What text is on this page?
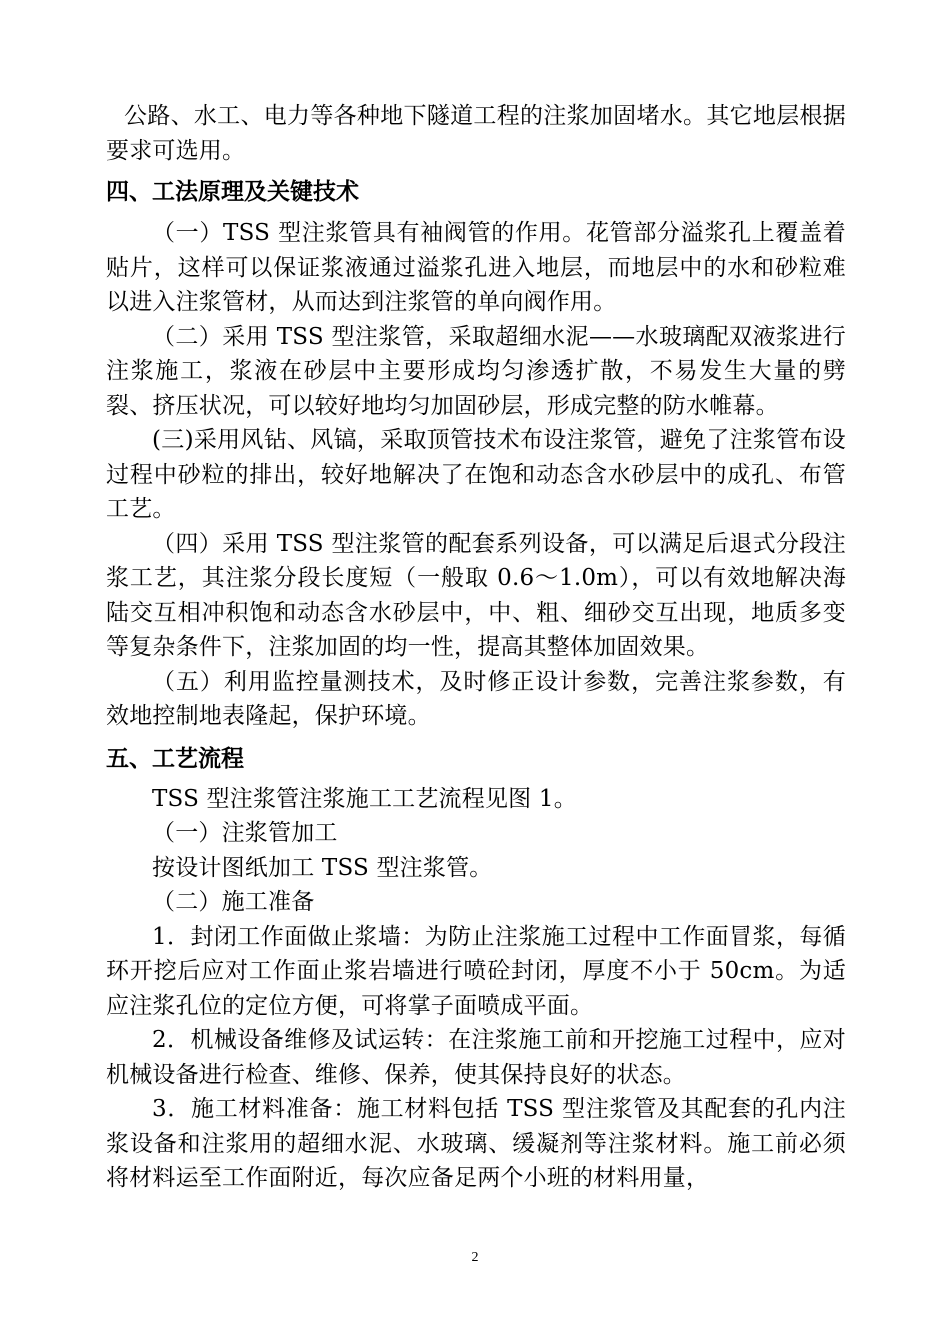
公路、水工、电力等各种地下隧道工程的注浆加固堵水。其它地层根据要求可选用。

四、工法原理及关键技术

（一）TSS 型注浆管具有袖阀管的作用。花管部分溢浆孔上覆盖着贴片，这样可以保证浆液通过溢浆孔进入地层，而地层中的水和砂粒难以进入注浆管材，从而达到注浆管的单向阀作用。

（二）采用 TSS 型注浆管，采取超细水泥——水玻璃配双液浆进行注浆施工，浆液在砂层中主要形成均匀渗透扩散，不易发生大量的劈裂、挤压状况，可以较好地均匀加固砂层，形成完整的防水帷幕。

(三)采用风钻、风镐，采取顶管技术布设注浆管，避免了注浆管布设过程中砂粒的排出，较好地解决了在饱和动态含水砂层中的成孔、布管工艺。

（四）采用 TSS 型注浆管的配套系列设备，可以满足后退式分段注浆工艺，其注浆分段长度短（一般取 0.6～1.0m），可以有效地解决海陆交互相冲积饱和动态含水砂层中，中、粗、细砂交互出现，地质多变等复杂条件下，注浆加固的均一性，提高其整体加固效果。

（五）利用监控量测技术，及时修正设计参数，完善注浆参数，有效地控制地表隆起，保护环境。

五、工艺流程

TSS 型注浆管注浆施工工艺流程见图 1。

（一）注浆管加工

按设计图纸加工 TSS 型注浆管。

（二）施工准备

1．封闭工作面做止浆墙：为防止注浆施工过程中工作面冒浆，每循环开挖后应对工作面止浆岩墙进行喷砼封闭，厚度不小于 50cm。为适应注浆孔位的定位方便，可将掌子面喷成平面。

2．机械设备维修及试运转：在注浆施工前和开挖施工过程中，应对机械设备进行检查、维修、保养，使其保持良好的状态。

3．施工材料准备：施工材料包括 TSS 型注浆管及其配套的孔内注浆设备和注浆用的超细水泥、水玻璃、缓凝剂等注浆材料。施工前必须将材料运至工作面附近，每次应备足两个小班的材料用量，

2
